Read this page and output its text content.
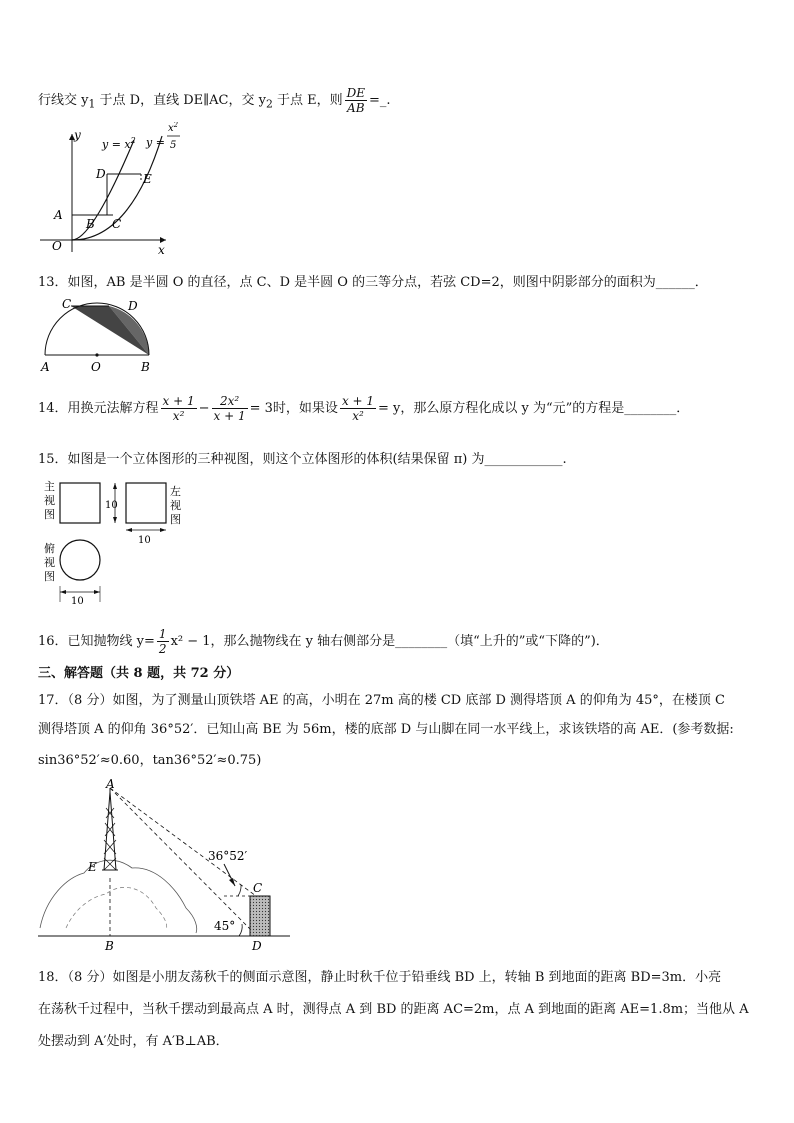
行线交 $y_1$ 于点 D，直线 DE∥AC，交 $y_2$ 于点 E，则 $\frac{DE}{AB}$ =_.
y
x
O
$y = x^2$ y =
$x^2$
5
D	E
A
B C
13．如图，AB 是半圆 O 的直径，点 C、D 是半圆 O 的三等分点，若弦 CD=2，则图中阴影部分的面积为______．
A	O	B
C	D
14．用换元法解方程 $\frac{x + 1}{\text{x²}} - \frac{\text{2x²}}{x + 1} = 3$时，如果设 $\frac{x + 1}{\text{x²}} = y$，那么原方程化成以 y 为“元”的方程是________．
15．如图是一个立体图形的三种视图，则这个立体图形的体积(结果保留 π) 为____________.
主
视
图
10
左
视
图
10
俯
视
图
10
16．已知抛物线 $y= \frac{1}{2} x^2 - 1$，那么抛物线在 y 轴右侧部分是________（填“上升的”或“下降的”)．
三、解答题（共 8 题，共 72 分）
17．（8 分）如图，为了测量山顶铁塔 AE 的高，小明在 27m 高的楼 CD 底部 D 测得塔顶 A 的仰角为 45°，在楼顶 C
测得塔顶 A 的仰角 36°52′．已知山高 BE 为 56m，楼的底部 D 与山脚在同一水平线上，求该铁塔的高 AE．(参考数据:
sin36°52′≈0.60，tan36°52′≈0.75)
A
E
B
C
D
36°52′
45°
18．（8 分）如图是小朋友荡秋千的侧面示意图，静止时秋千位于铅垂线 BD 上，转轴 B 到地面的距离 BD=3m．小亮
在荡秋千过程中，当秋千摆动到最高点 A 时，测得点 A 到 BD 的距离 AC=2m，点 A 到地面的距离 AE=1.8m；当他从 A
处摆动到 A′处时，有 A′B⊥AB．
